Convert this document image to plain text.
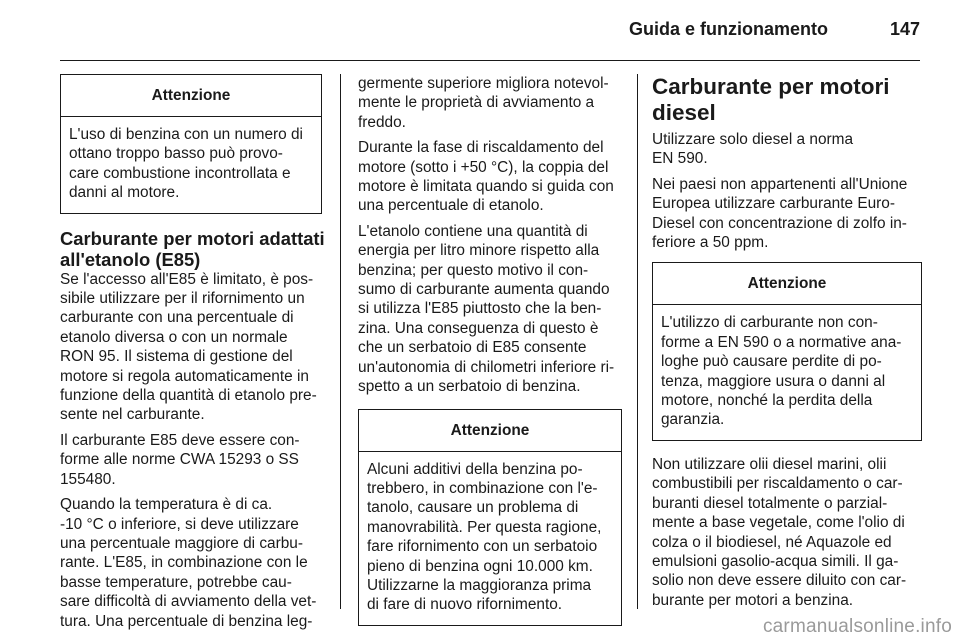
Guida e funzionamento	147
Attenzione
L'uso di benzina con un numero di
ottano troppo basso può provo-
care combustione incontrollata e
danni al motore.
Carburante per motori adattati
all'etanolo (E85)
Se l'accesso all'E85 è limitato, è pos-
sibile utilizzare per il rifornimento un
carburante con una percentuale di
etanolo diversa o con un normale
RON 95. Il sistema di gestione del
motore si regola automaticamente in
funzione della quantità di etanolo pre-
sente nel carburante.
Il carburante E85 deve essere con-
forme alle norme CWA 15293 o SS
155480.
Quando la temperatura è di ca.
-10 °C o inferiore, si deve utilizzare
una percentuale maggiore di carbu-
rante. L'E85, in combinazione con le
basse temperature, potrebbe cau-
sare difficoltà di avviamento della vet-
tura. Una percentuale di benzina leg-
germente superiore migliora notevol-
mente le proprietà di avviamento a
freddo.
Durante la fase di riscaldamento del
motore (sotto i +50 °C), la coppia del
motore è limitata quando si guida con
una percentuale di etanolo.
L'etanolo contiene una quantità di
energia per litro minore rispetto alla
benzina; per questo motivo il con-
sumo di carburante aumenta quando
si utilizza l'E85 piuttosto che la ben-
zina. Una conseguenza di questo è
che un serbatoio di E85 consente
un'autonomia di chilometri inferiore ri-
spetto a un serbatoio di benzina.
Attenzione
Alcuni additivi della benzina po-
trebbero, in combinazione con l'e-
tanolo, causare un problema di
manovrabilità. Per questa ragione,
fare rifornimento con un serbatoio
pieno di benzina ogni 10.000 km.
Utilizzarne la maggioranza prima
di fare di nuovo rifornimento.
Carburante per motori
diesel
Utilizzare solo diesel a norma
EN 590.
Nei paesi non appartenenti all'Unione
Europea utilizzare carburante Euro-
Diesel con concentrazione di zolfo in-
feriore a 50 ppm.
Attenzione
L'utilizzo di carburante non con-
forme a EN 590 o a normative ana-
loghe può causare perdite di po-
tenza, maggiore usura o danni al
motore, nonché la perdita della
garanzia.
Non utilizzare olii diesel marini, olii
combustibili per riscaldamento o car-
buranti diesel totalmente o parzial-
mente a base vegetale, come l'olio di
colza o il biodiesel, né Aquazole ed
emulsioni gasolio-acqua simili. Il ga-
solio non deve essere diluito con car-
burante per motori a benzina.
carmanualsonline.info
